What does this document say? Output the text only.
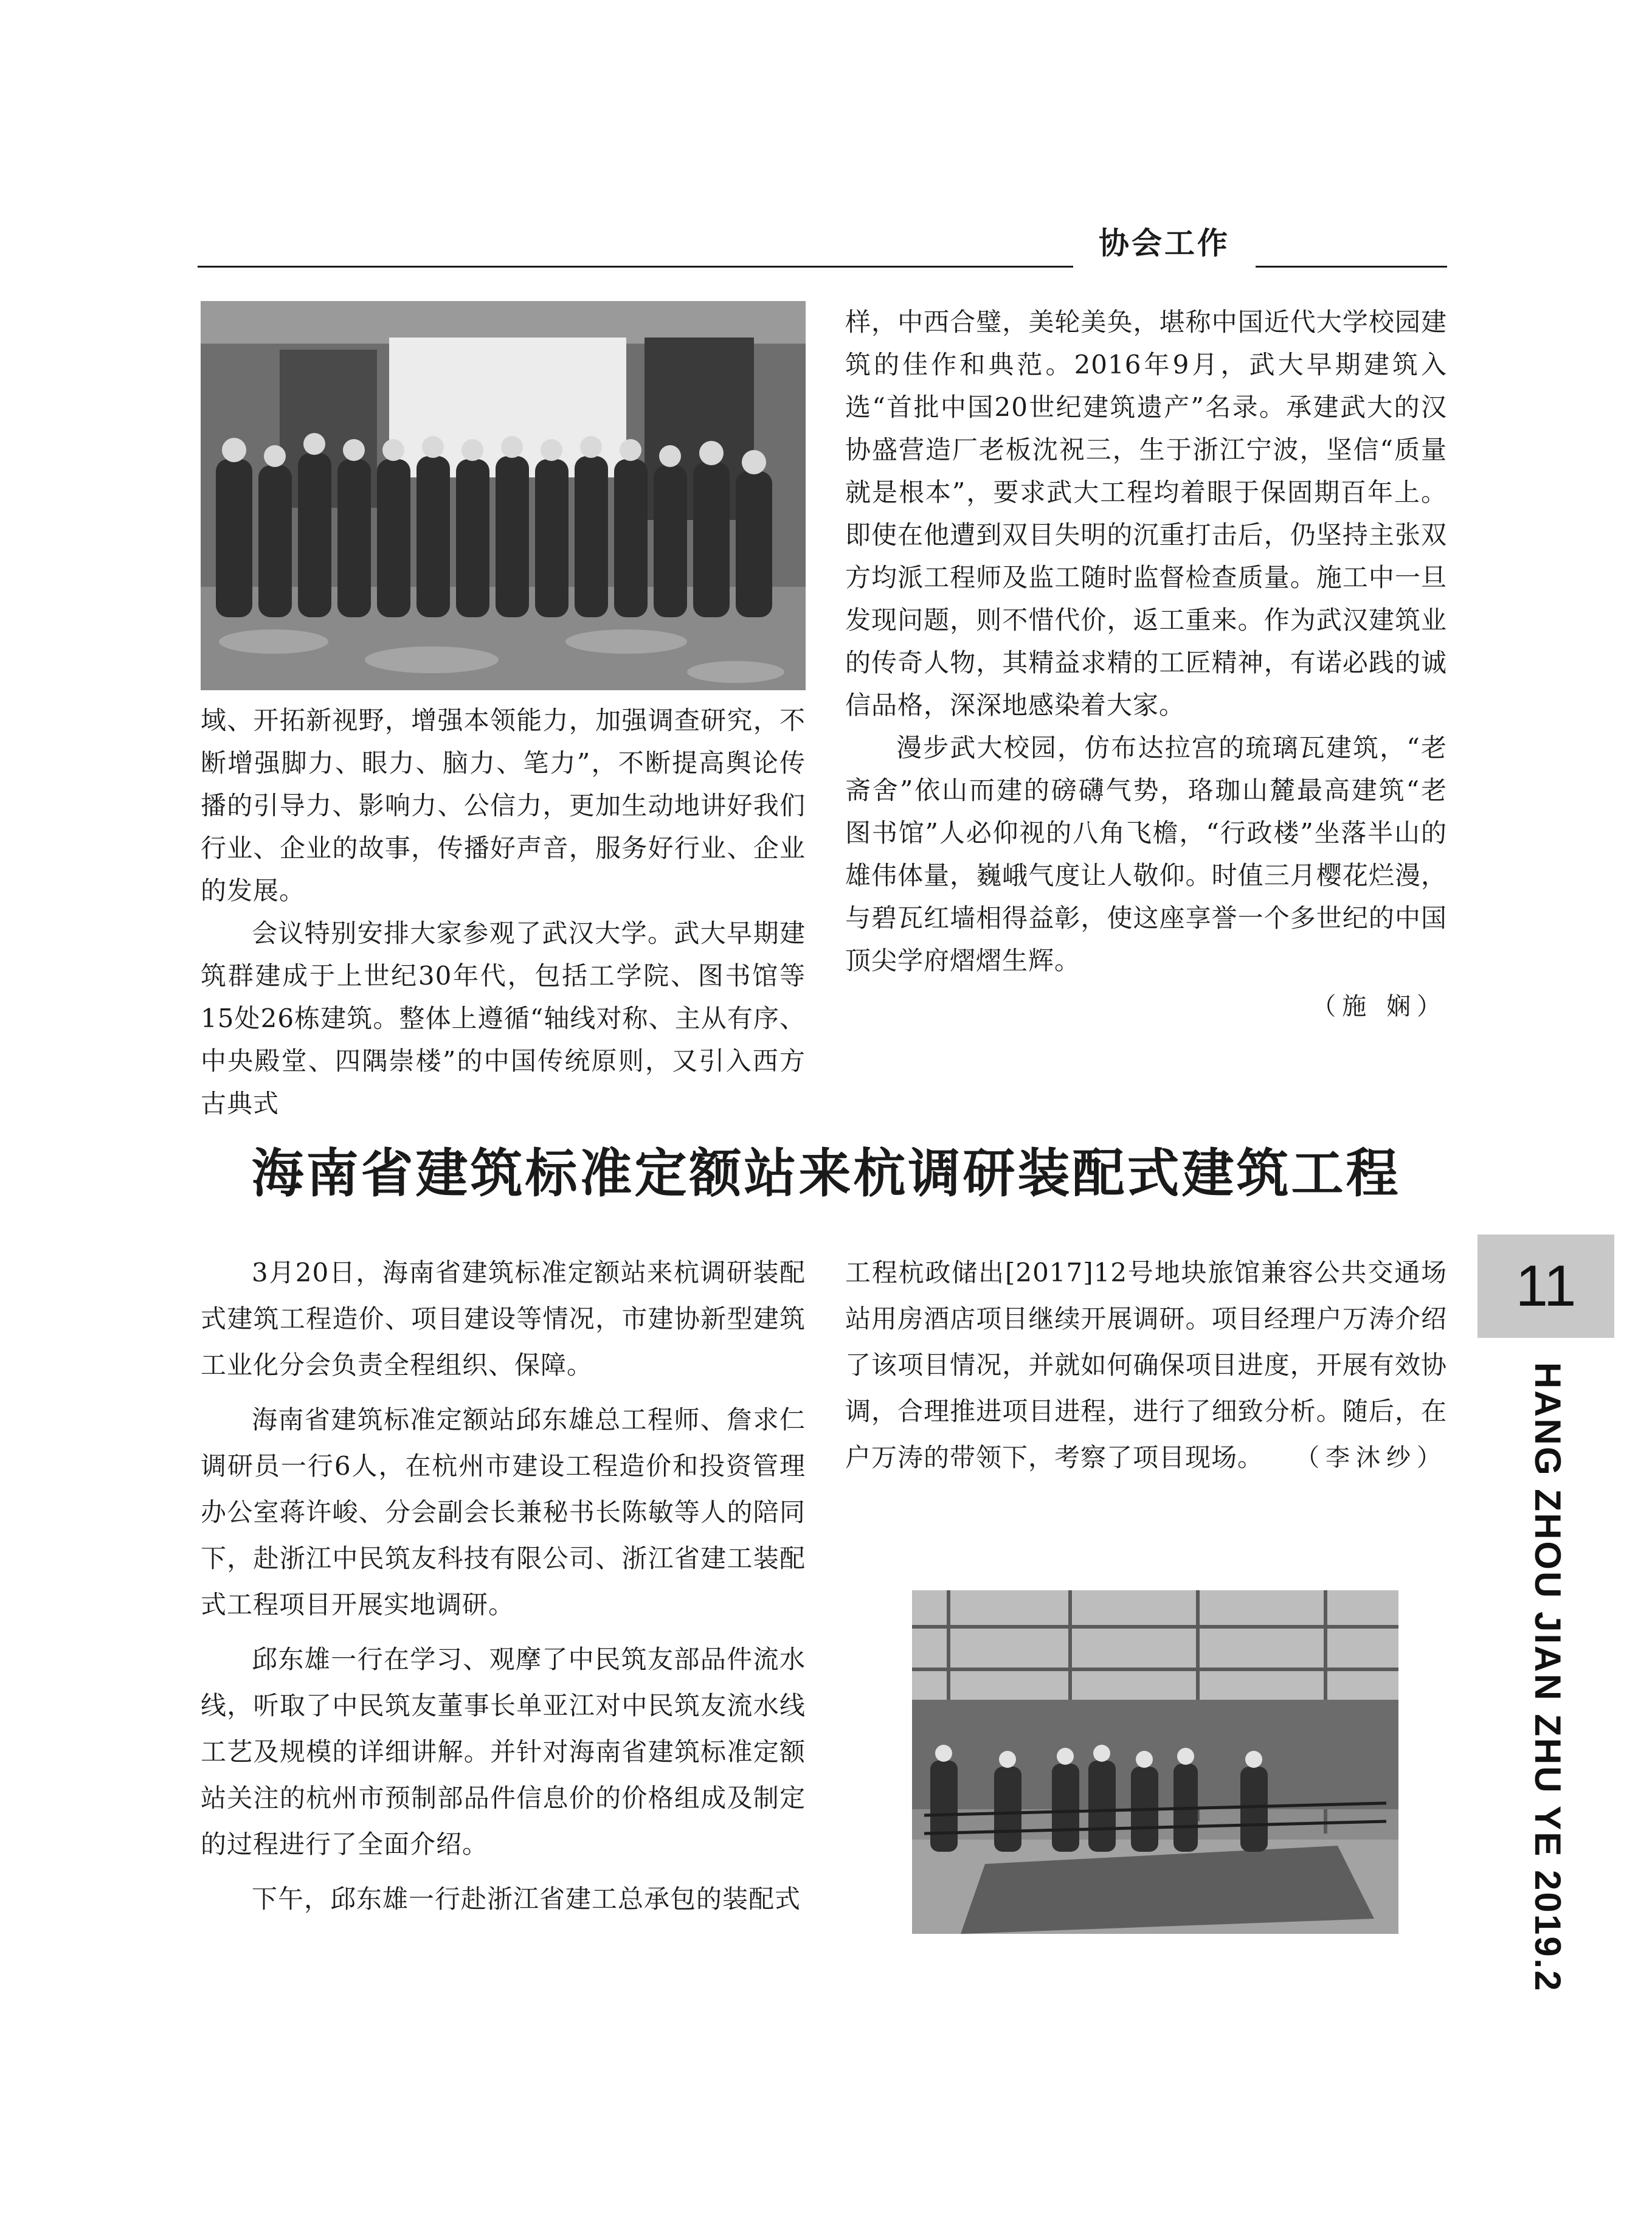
协会工作

域、开拓新视野，增强本领能力，加强调查研究，不断增强脚力、眼力、脑力、笔力”，不断提高舆论传播的引导力、影响力、公信力，更加生动地讲好我们行业、企业的故事，传播好声音，服务好行业、企业的发展。

会议特别安排大家参观了武汉大学。武大早期建筑群建成于上世纪30年代，包括工学院、图书馆等15处26栋建筑。整体上遵循“轴线对称、主从有序、中央殿堂、四隅崇楼”的中国传统原则，又引入西方古典式

样，中西合璧，美轮美奂，堪称中国近代大学校园建筑的佳作和典范。2016年9月，武大早期建筑入选“首批中国20世纪建筑遗产”名录。承建武大的汉协盛营造厂老板沈祝三，生于浙江宁波，坚信“质量就是根本”，要求武大工程均着眼于保固期百年上。即使在他遭到双目失明的沉重打击后，仍坚持主张双方均派工程师及监工随时监督检查质量。施工中一旦发现问题，则不惜代价，返工重来。作为武汉建筑业的传奇人物，其精益求精的工匠精神，有诺必践的诚信品格，深深地感染着大家。

漫步武大校园，仿布达拉宫的琉璃瓦建筑，“老斋舍”依山而建的磅礴气势，珞珈山麓最高建筑“老图书馆”人必仰视的八角飞檐，“行政楼”坐落半山的雄伟体量，巍峨气度让人敬仰。时值三月樱花烂漫，与碧瓦红墙相得益彰，使这座享誉一个多世纪的中国顶尖学府熠熠生辉。

（施 娴）
海南省建筑标准定额站来杭调研装配式建筑工程

3月20日，海南省建筑标准定额站来杭调研装配式建筑工程造价、项目建设等情况，市建协新型建筑工业化分会负责全程组织、保障。

海南省建筑标准定额站邱东雄总工程师、詹求仁调研员一行6人，在杭州市建设工程造价和投资管理办公室蒋许峻、分会副会长兼秘书长陈敏等人的陪同下，赴浙江中民筑友科技有限公司、浙江省建工装配式工程项目开展实地调研。

邱东雄一行在学习、观摩了中民筑友部品件流水线，听取了中民筑友董事长单亚江对中民筑友流水线工艺及规模的详细讲解。并针对海南省建筑标准定额站关注的杭州市预制部品件信息价的价格组成及制定的过程进行了全面介绍。

下午，邱东雄一行赴浙江省建工总承包的装配式

工程杭政储出[2017]12号地块旅馆兼容公共交通场站用房酒店项目继续开展调研。项目经理户万涛介绍了该项目情况，并就如何确保项目进度，开展有效协调，合理推进项目进程，进行了细致分析。随后，在户万涛的带领下，考察了项目现场。	（李沐纱）
11
HANG ZHOU JIAN ZHU YE 2019.2
